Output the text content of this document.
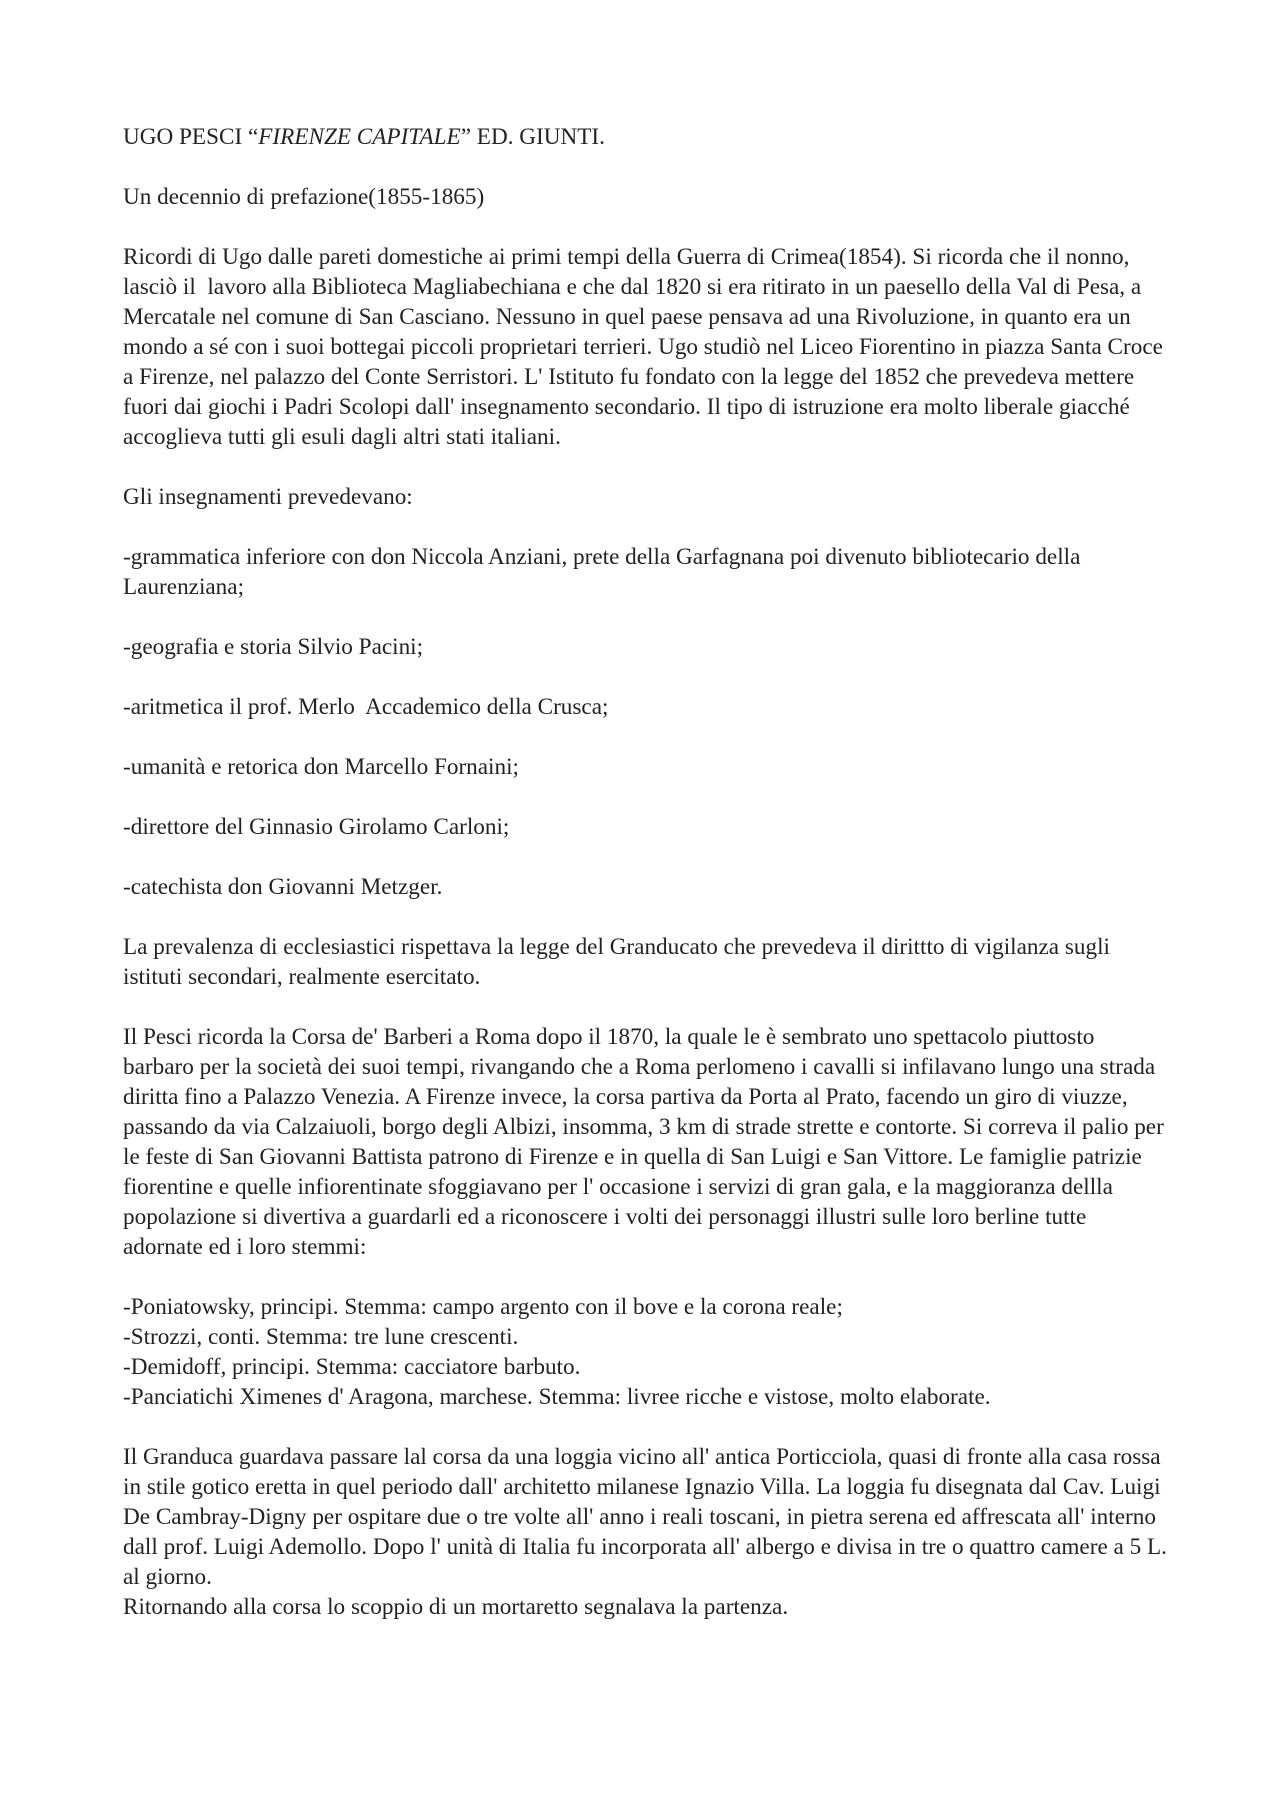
UGO PESCI “FIRENZE CAPITALE” ED. GIUNTI.

Un decennio di prefazione(1855-1865)

Ricordi di Ugo dalle pareti domestiche ai primi tempi della Guerra di Crimea(1854). Si ricorda che il nonno, lasciò il  lavoro alla Biblioteca Magliabechiana e che dal 1820 si era ritirato in un paesello della Val di Pesa, a Mercatale nel comune di San Casciano. Nessuno in quel paese pensava ad una Rivoluzione, in quanto era un mondo a sé con i suoi bottegai piccoli proprietari terrieri. Ugo studiò nel Liceo Fiorentino in piazza Santa Croce a Firenze, nel palazzo del Conte Serristori. L' Istituto fu fondato con la legge del 1852 che prevedeva mettere fuori dai giochi i Padri Scolopi dall' insegnamento secondario. Il tipo di istruzione era molto liberale giacché accoglieva tutti gli esuli dagli altri stati italiani.

Gli insegnamenti prevedevano:

-grammatica inferiore con don Niccola Anziani, prete della Garfagnana poi divenuto bibliotecario della Laurenziana;

-geografia e storia Silvio Pacini;

-aritmetica il prof. Merlo  Accademico della Crusca;

-umanità e retorica don Marcello Fornaini;

-direttore del Ginnasio Girolamo Carloni;

-catechista don Giovanni Metzger.

La prevalenza di ecclesiastici rispettava la legge del Granducato che prevedeva il dirittto di vigilanza sugli istituti secondari, realmente esercitato.

Il Pesci ricorda la Corsa de' Barberi a Roma dopo il 1870, la quale le è sembrato uno spettacolo piuttosto barbaro per la società dei suoi tempi, rivangando che a Roma perlomeno i cavalli si infilavano lungo una strada diritta fino a Palazzo Venezia. A Firenze invece, la corsa partiva da Porta al Prato, facendo un giro di viuzze, passando da via Calzaiuoli, borgo degli Albizi, insomma, 3 km di strade strette e contorte. Si correva il palio per le feste di San Giovanni Battista patrono di Firenze e in quella di San Luigi e San Vittore. Le famiglie patrizie fiorentine e quelle infiorentinate sfoggiavano per l' occasione i servizi di gran gala, e la maggioranza dellla popolazione si divertiva a guardarli ed a riconoscere i volti dei personaggi illustri sulle loro berline tutte adornate ed i loro stemmi:

-Poniatowsky, principi. Stemma: campo argento con il bove e la corona reale;
-Strozzi, conti. Stemma: tre lune crescenti.
-Demidoff, principi. Stemma: cacciatore barbuto.
-Panciatichi Ximenes d' Aragona, marchese. Stemma: livree ricche e vistose, molto elaborate.

Il Granduca guardava passare lal corsa da una loggia vicino all' antica Porticciola, quasi di fronte alla casa rossa in stile gotico eretta in quel periodo dall' architetto milanese Ignazio Villa. La loggia fu disegnata dal Cav. Luigi De Cambray-Digny per ospitare due o tre volte all' anno i reali toscani, in pietra serena ed affrescata all' interno dall prof. Luigi Ademollo. Dopo l' unità di Italia fu incorporata all' albergo e divisa in tre o quattro camere a 5 L. al giorno.

Ritornando alla corsa lo scoppio di un mortaretto segnalava la partenza.
